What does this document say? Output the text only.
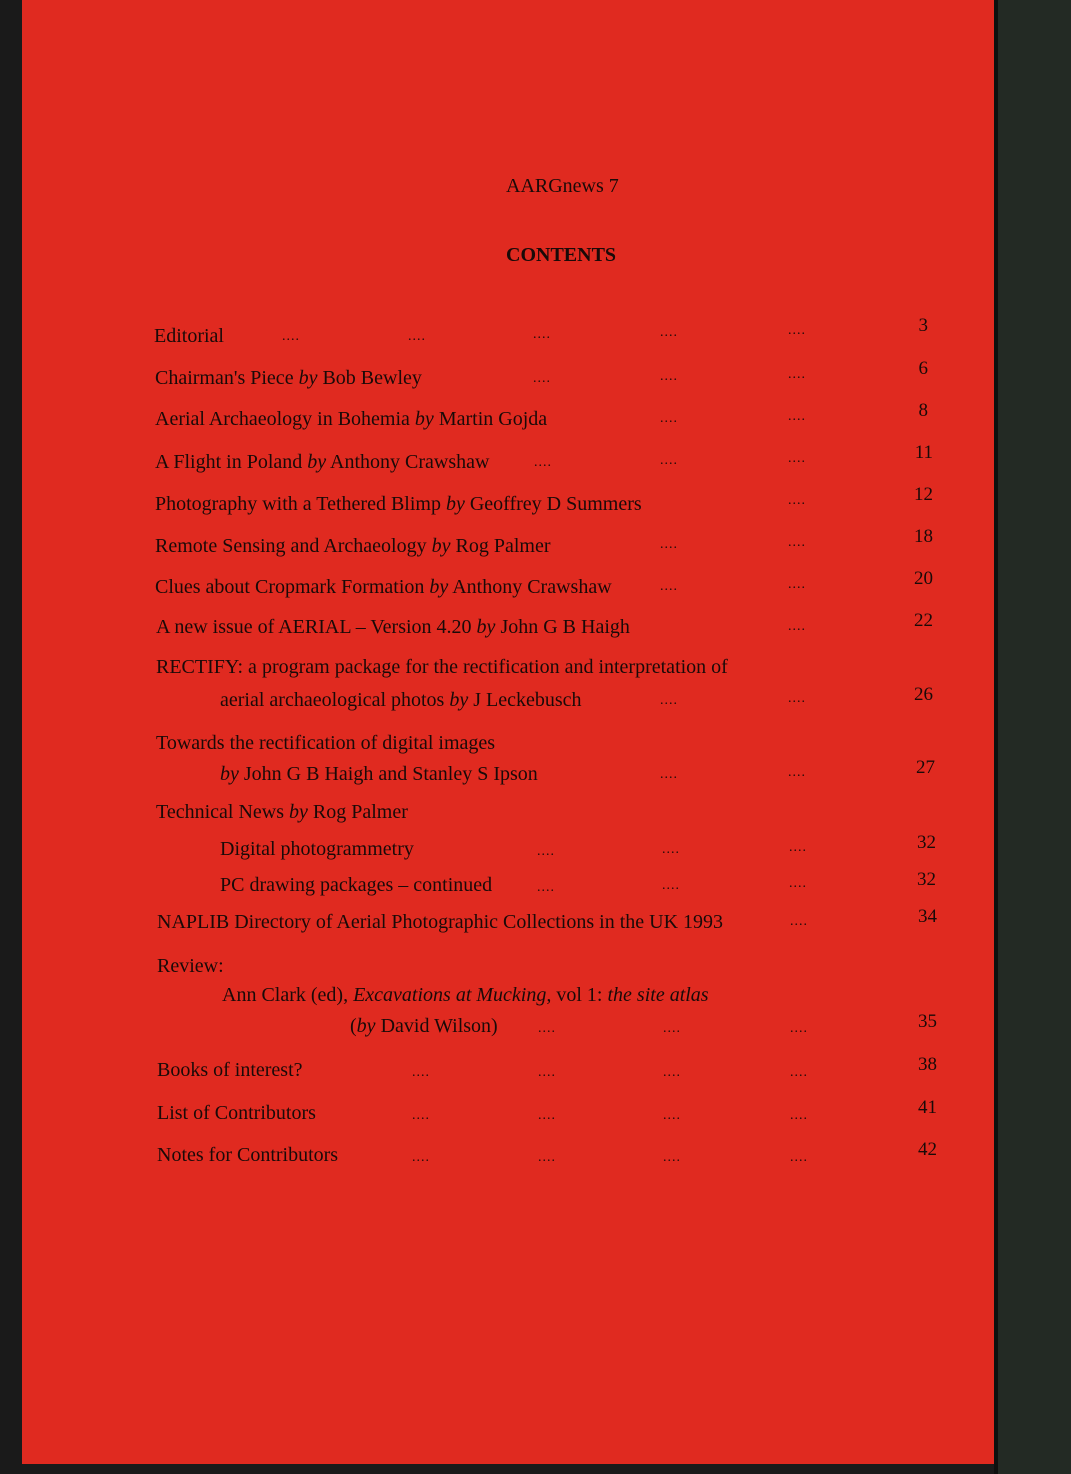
AARGnews 7
CONTENTS
Editorial	....	....	....	....	....	3
Chairman's Piece by Bob Bewley	....	....	....	6
Aerial Archaeology in Bohemia by Martin Gojda	....	....	8
A Flight in Poland by Anthony Crawshaw	....	....	....	11
Photography with a Tethered Blimp by Geoffrey D Summers	....	12
Remote Sensing and Archaeology by Rog Palmer	....	....	18
Clues about Cropmark Formation by Anthony Crawshaw	....	....	20
A new issue of AERIAL – Version 4.20 by John G B Haigh	....	22
RECTIFY: a program package for the rectification and interpretation of
aerial archaeological photos by J Leckebusch	....	....	26
Towards the rectification of digital images
by John G B Haigh and Stanley S Ipson	....	....	27
Technical News by Rog Palmer
Digital photogrammetry	....	....	....	32
PC drawing packages – continued	....	....	....	32
NAPLIB Directory of Aerial Photographic Collections in the UK 1993	....	34
Review:
Ann Clark (ed), Excavations at Mucking, vol 1: the site atlas
(by David Wilson)	....	....	....	35
Books of interest?	....	....	....	....	38
List of Contributors	....	....	....	....	41
Notes for Contributors	....	....	....	....	42
